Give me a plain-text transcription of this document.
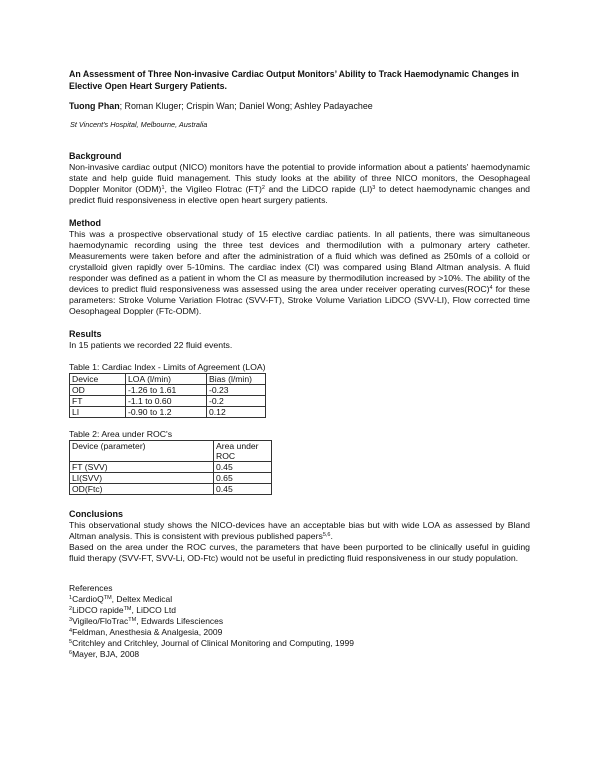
An Assessment of Three Non-invasive Cardiac Output Monitors’ Ability to Track Haemodynamic Changes in Elective Open Heart Surgery Patients.
Tuong Phan; Roman Kluger; Crispin Wan; Daniel Wong; Ashley Padayachee
St Vincent's Hospital, Melbourne, Australia
Background

Non-invasive cardiac output (NICO) monitors have the potential to provide information about a patients' haemodynamic state and help guide fluid management. This study looks at the ability of three NICO monitors, the Oesophageal Doppler Monitor (ODM)$^1$, the Vigileo Flotrac (FT)$^2$ and the LiDCO rapide (LI)$^3$ to detect haemodynamic changes and predict fluid responsiveness in elective open heart surgery patients.

Method

This was a prospective observational study of 15 elective cardiac patients. In all patients, there was simultaneous haemodynamic recording using the three test devices and thermodilution with a pulmonary artery catheter. Measurements were taken before and after the administration of a fluid which was defined as 250mls of a colloid or crystalloid given rapidly over 5-10mins. The cardiac index (CI) was compared using Bland Altman analysis. A fluid responder was defined as a patient in whom the CI as measure by thermodilution increased by >10%. The ability of the devices to predict fluid responsiveness was assessed using the area under receiver operating curves(ROC)$^4$ for these parameters: Stroke Volume Variation Flotrac (SVV-FT), Stroke Volume Variation LiDCO (SVV-LI), Flow corrected time Oesophageal Doppler (FTc-ODM).

Results

In 15 patients we recorded 22 fluid events.

Table 1: Cardiac Index - Limits of Agreement (LOA)
Device	LOA (l/min)	Bias (l/min)
OD	-1.26 to 1.61	-0.23
FT	-1.1 to 0.60	-0.2
LI	-0.90 to 1.2	0.12
Table 2: Area under ROC's
Device (parameter)	Area under ROC
FT (SVV)	0.45
LI(SVV)	0.65
OD(Ftc)	0.45
Conclusions

This observational study shows the NICO-devices have an acceptable bias but with wide LOA as assessed by Bland Altman analysis. This is consistent with previous published papers$^{5,6}$.

Based on the area under the ROC curves, the parameters that have been purported to be clinically useful in guiding fluid therapy (SVV-FT, SVV-Li, OD-Ftc) would not be useful in predicting fluid responsiveness in our study population.

References
$^1$CardioQ™, Deltex Medical
$^2$LiDCO rapide™, LiDCO Ltd
$^3$Vigileo/FloTrac™, Edwards Lifesciences
$^4$Feldman, Anesthesia & Analgesia, 2009
$^5$Critchley and Critchley, Journal of Clinical Monitoring and Computing, 1999
$^6$Mayer, BJA, 2008
